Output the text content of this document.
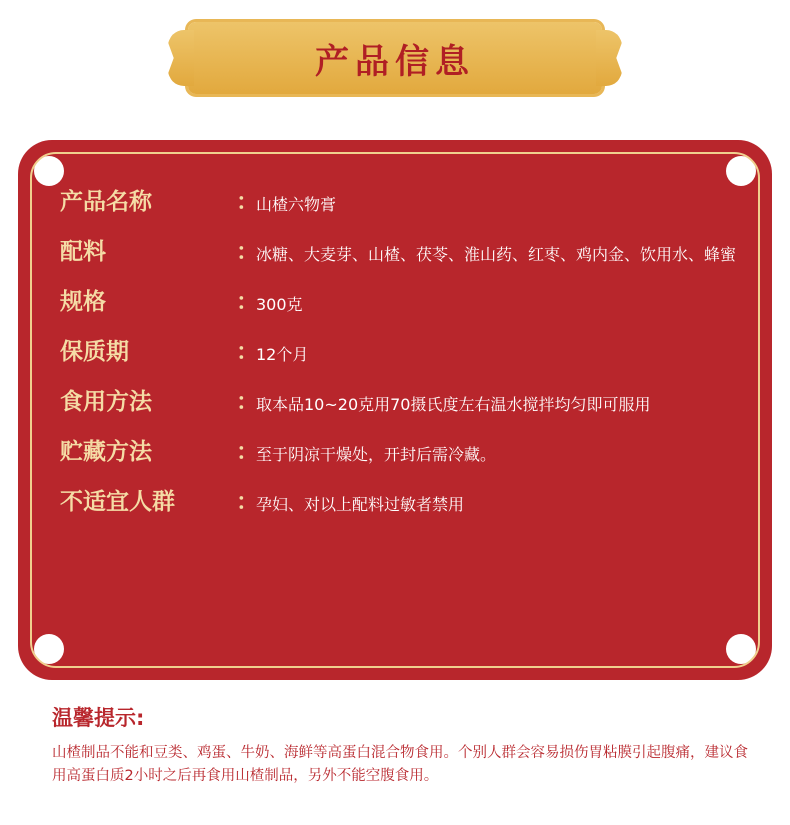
产品信息
产品名称	：
山楂六物膏
配料	：
冰糖、大麦芽、山楂、茯苓、淮山药、红枣、鸡内金、饮用水、蜂蜜
规格	：
300克
保质期	：
12个月
食用方法	：
取本品10~20克用70摄氏度左右温水搅拌均匀即可服用
贮藏方法	：
至于阴凉干燥处，开封后需冷藏。
不适宜人群	：
孕妇、对以上配料过敏者禁用
温馨提示:
山楂制品不能和豆类、鸡蛋、牛奶、海鲜等高蛋白混合物食用。个别人群会容易损伤胃粘膜引起腹痛，建议食用高蛋白质2小时之后再食用山楂制品，另外不能空腹食用。
